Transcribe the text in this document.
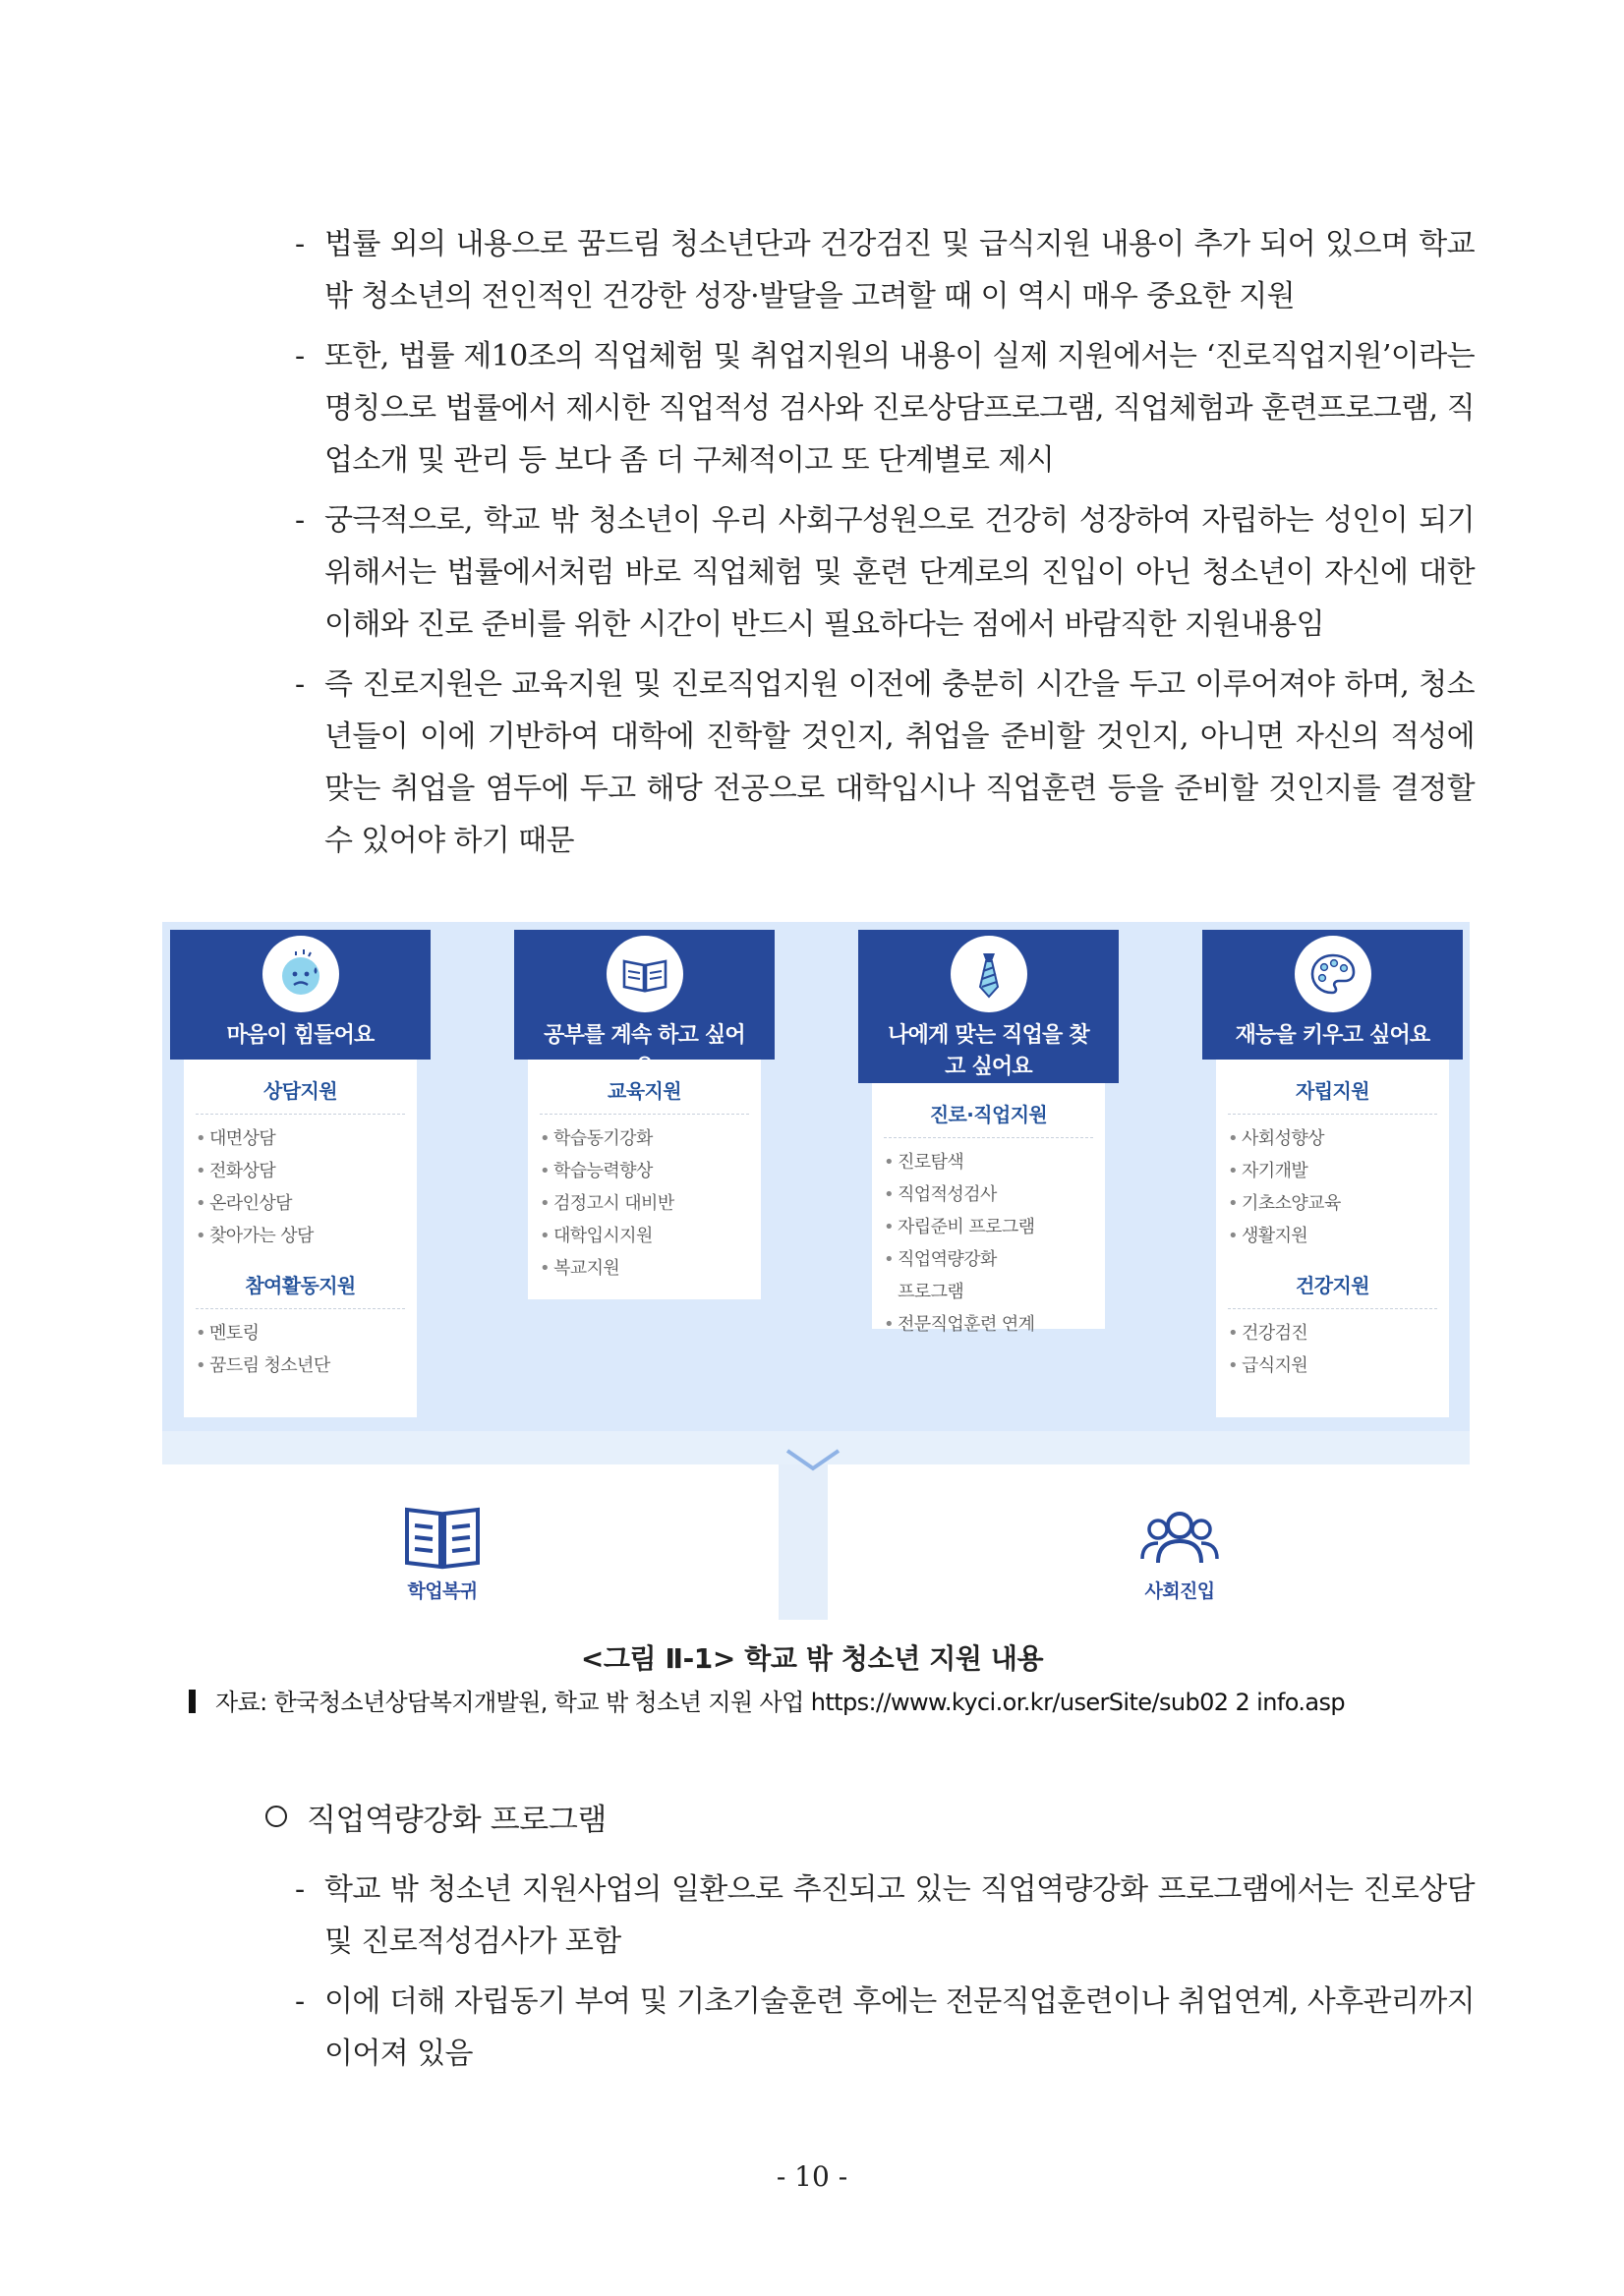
- 법률 외의 내용으로 꿈드림 청소년단과 건강검진 및 급식지원 내용이 추가 되어 있으며 학교 밖 청소년의 전인적인 건강한 성장·발달을 고려할 때 이 역시 매우 중요한 지원
- 또한, 법률 제10조의 직업체험 및 취업지원의 내용이 실제 지원에서는 ‘진로직업지원’이라는 명칭으로 법률에서 제시한 직업적성 검사와 진로상담프로그램, 직업체험과 훈련프로그램, 직업소개 및 관리 등 보다 좀 더 구체적이고 또 단계별로 제시
- 궁극적으로, 학교 밖 청소년이 우리 사회구성원으로 건강히 성장하여 자립하는 성인이 되기 위해서는 법률에서처럼 바로 직업체험 및 훈련 단계로의 진입이 아닌 청소년이 자신에 대한 이해와 진로 준비를 위한 시간이 반드시 필요하다는 점에서 바람직한 지원내용임
- 즉 진로지원은 교육지원 및 진로직업지원 이전에 충분히 시간을 두고 이루어져야 하며, 청소년들이 이에 기반하여 대학에 진학할 것인지, 취업을 준비할 것인지, 아니면 자신의 적성에 맞는 취업을 염두에 두고 해당 전공으로 대학입시나 직업훈련 등을 준비할 것인지를 결정할 수 있어야 하기 때문
마음이 힘들어요
상담지원
• 대면상담
• 전화상담
• 온라인상담
• 찾아가는 상담
참여활동지원
• 멘토링
• 꿈드림 청소년단
공부를 계속 하고 싶어요
교육지원
• 학습동기강화
• 학습능력향상
• 검정고시 대비반
• 대학입시지원
• 복교지원
나에게 맞는 직업을 찾고 싶어요
진로·직업지원
• 진로탐색
• 직업적성검사
• 자립준비 프로그램
• 직업역량강화 프로그램
• 전문직업훈련 연계
재능을 키우고 싶어요
자립지원
• 사회성향상
• 자기개발
• 기초소양교육
• 생활지원
건강지원
• 건강검진
• 급식지원
학업복귀	사회진입
<그림 Ⅱ-1> 학교 밖 청소년 지원 내용
자료: 한국청소년상담복지개발원, 학교 밖 청소년 지원 사업 https://www.kyci.or.kr/userSite/sub02 2 info.asp
직업역량강화 프로그램
- 학교 밖 청소년 지원사업의 일환으로 추진되고 있는 직업역량강화 프로그램에서는 진로상담 및 진로적성검사가 포함
- 이에 더해 자립동기 부여 및 기초기술훈련 후에는 전문직업훈련이나 취업연계, 사후관리까지 이어져 있음
- 10 -
